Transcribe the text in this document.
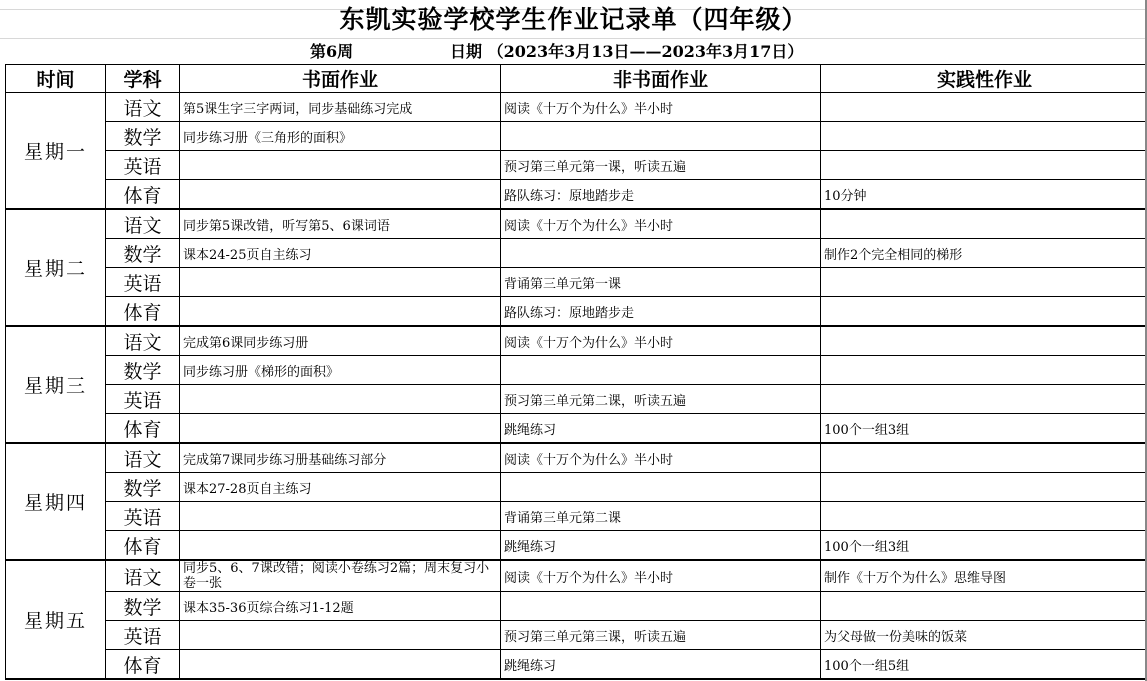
东凯实验学校学生作业记录单（四年级）
第6周	日期 （2023年3月13日——2023年3月17日）
时间	学科	书面作业	非书面作业	实践性作业
星期一	语文	第5课生字三字两词，同步基础练习完成	阅读《十万个为什么》半小时	
	数学	同步练习册《三角形的面积》		
	英语		预习第三单元第一课，听读五遍	
	体育		路队练习：原地踏步走	10分钟
星期二	语文	同步第5课改错，听写第5、6课词语	阅读《十万个为什么》半小时	
	数学	课本24-25页自主练习		制作2个完全相同的梯形
	英语		背诵第三单元第一课	
	体育		路队练习：原地踏步走	
星期三	语文	完成第6课同步练习册	阅读《十万个为什么》半小时	
	数学	同步练习册《梯形的面积》		
	英语		预习第三单元第二课，听读五遍	
	体育		跳绳练习	100个一组3组
星期四	语文	完成第7课同步练习册基础练习部分	阅读《十万个为什么》半小时	
	数学	课本27-28页自主练习		
	英语		背诵第三单元第二课	
	体育		跳绳练习	100个一组3组
星期五	语文	同步5、6、7课改错；阅读小卷练习2篇；周末复习小卷一张	阅读《十万个为什么》半小时	制作《十万个为什么》思维导图
	数学	课本35-36页综合练习1-12题		
	英语		预习第三单元第三课，听读五遍	为父母做一份美味的饭菜
	体育		跳绳练习	100个一组5组
